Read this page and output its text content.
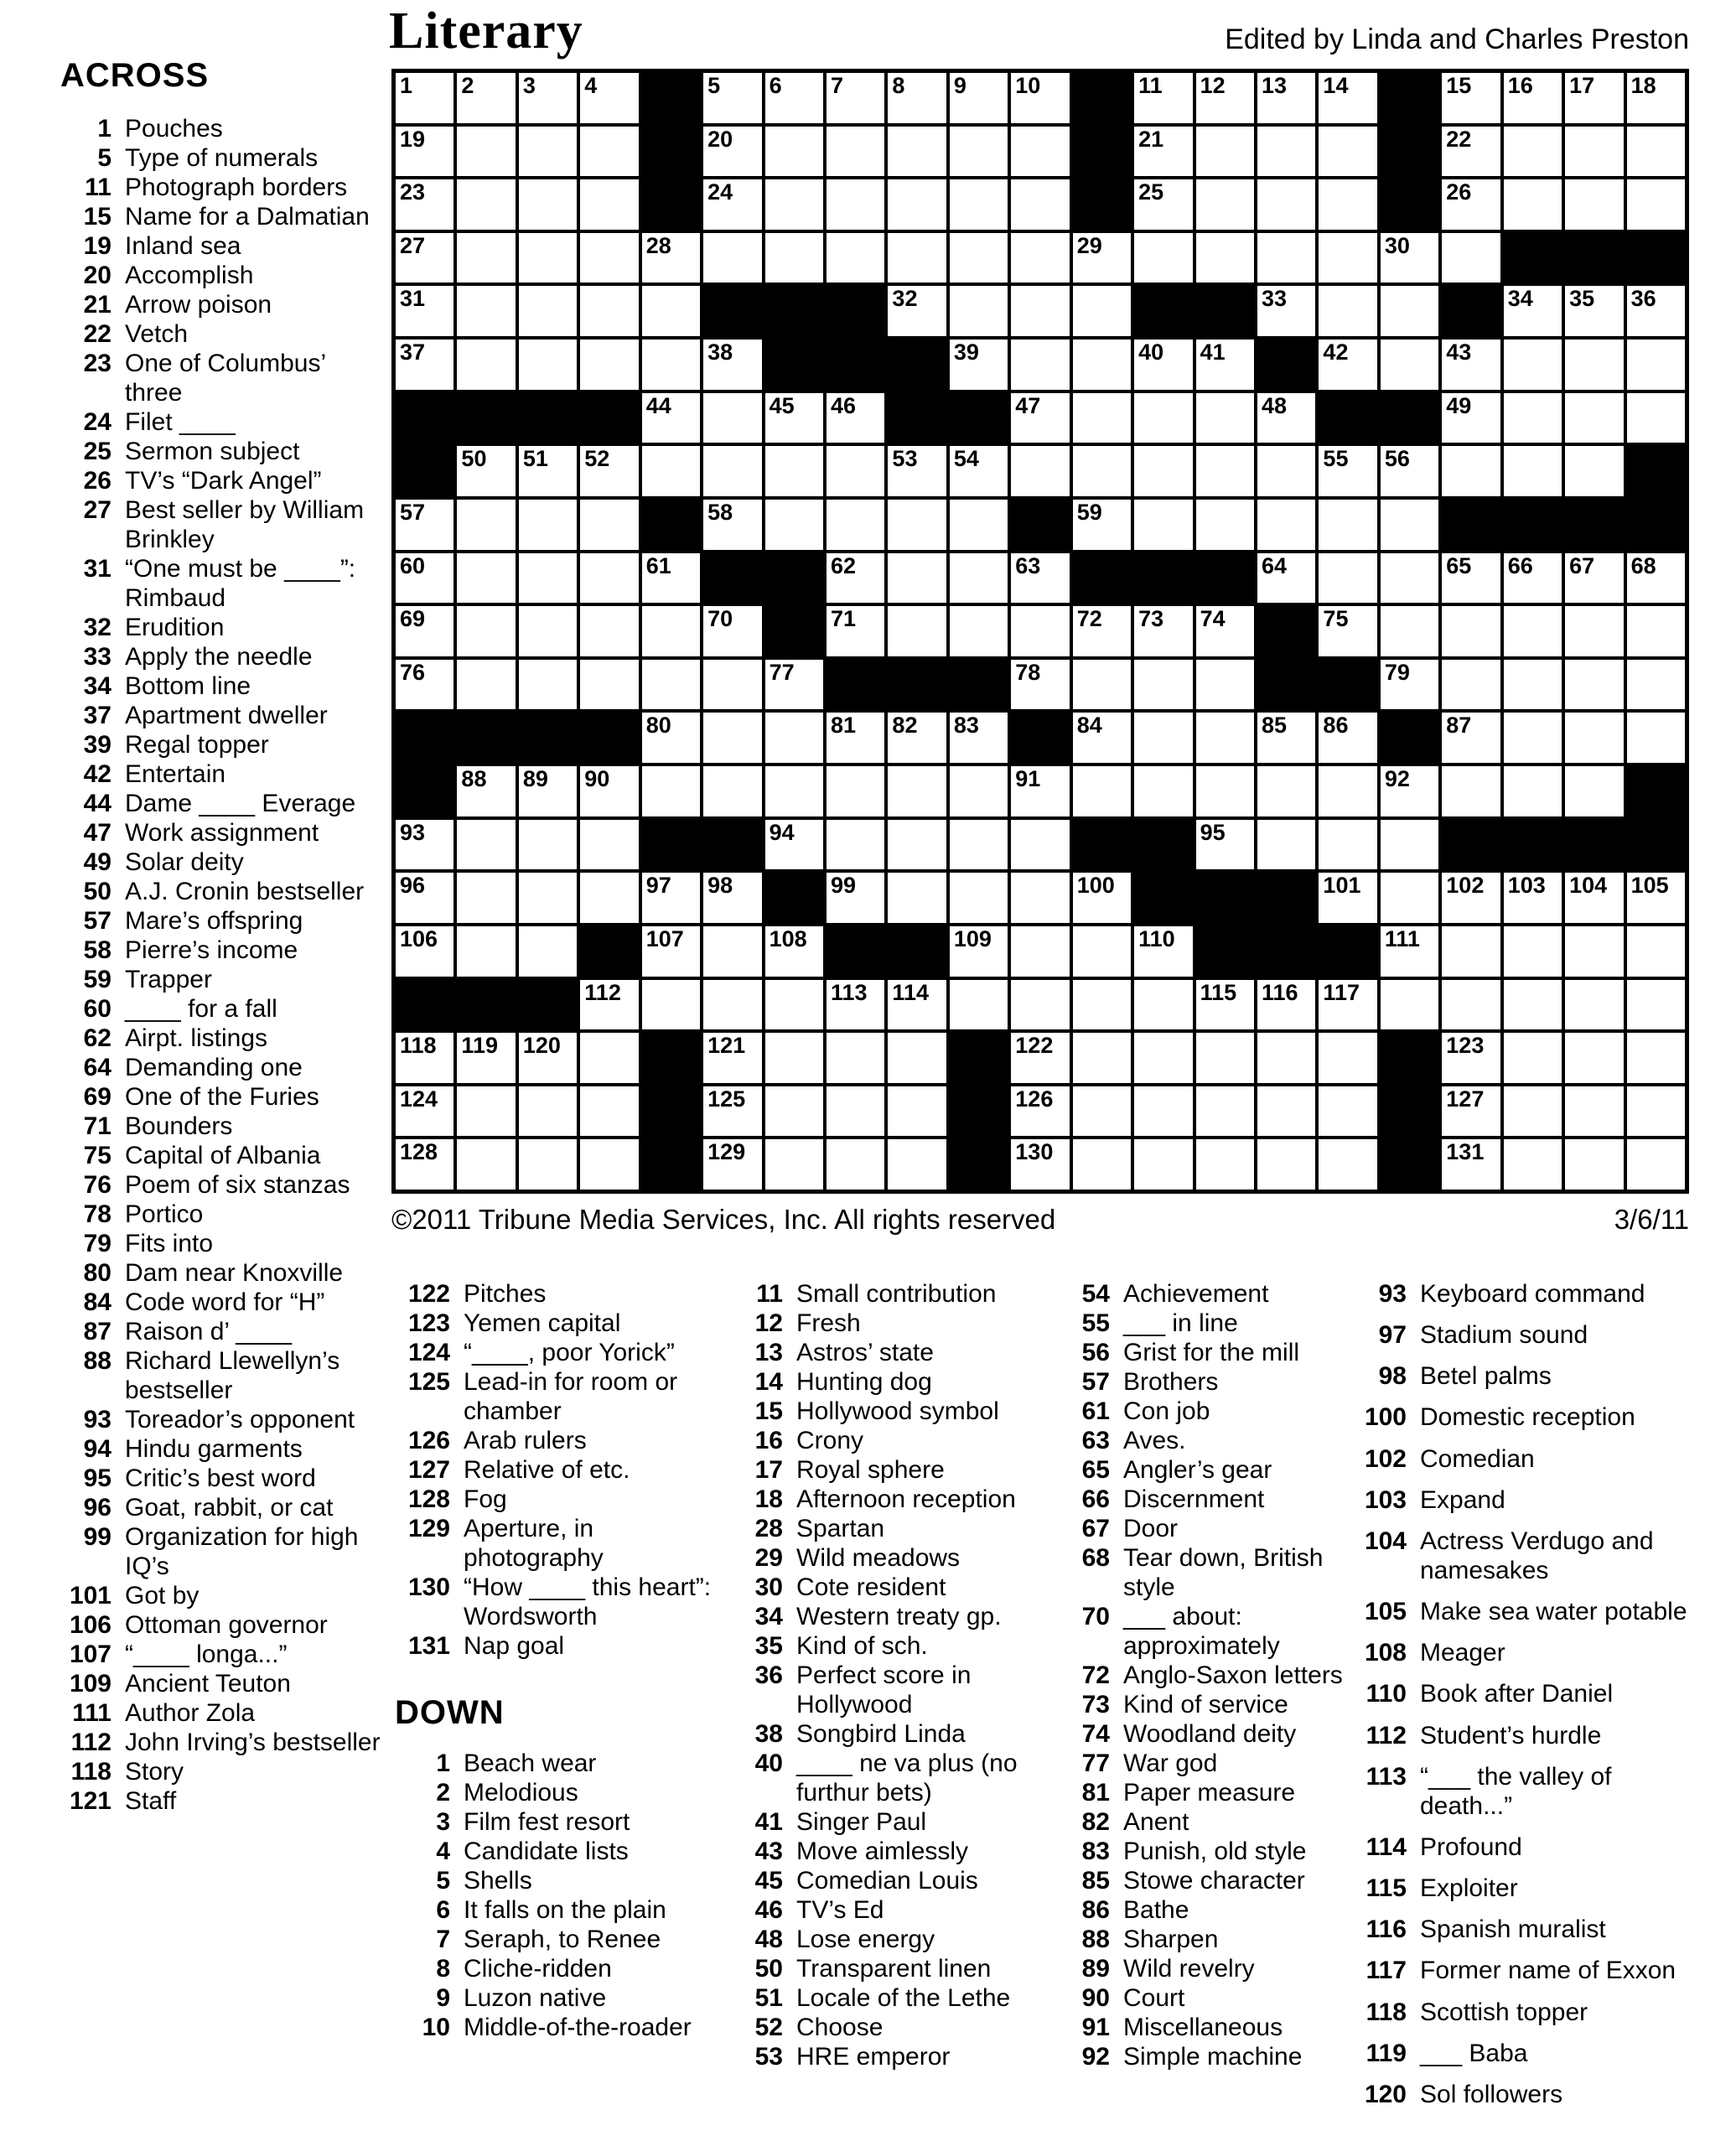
Literary	Edited by Linda and Charles Preston
ACROSS
1 Pouches
5 Type of numerals
11 Photograph borders
15 Name for a Dalmatian
19 Inland sea
20 Accomplish
21 Arrow poison
22 Vetch
23 One of Columbus’ three
24 Filet ____
25 Sermon subject
26 TV’s “Dark Angel”
27 Best seller by William Brinkley
31 “One must be ____”: Rimbaud
32 Erudition
33 Apply the needle
34 Bottom line
37 Apartment dweller
39 Regal topper
42 Entertain
44 Dame ____ Everage
47 Work assignment
49 Solar deity
50 A.J. Cronin bestseller
57 Mare’s offspring
58 Pierre’s income
59 Trapper
60 ____ for a fall
62 Airpt. listings
64 Demanding one
69 One of the Furies
71 Bounders
75 Capital of Albania
76 Poem of six stanzas
78 Portico
79 Fits into
80 Dam near Knoxville
84 Code word for “H”
87 Raison d’ ____
88 Richard Llewellyn’s bestseller
93 Toreador’s opponent
94 Hindu garments
95 Critic’s best word
96 Goat, rabbit, or cat
99 Organization for high IQ’s
101 Got by
106 Ottoman governor
107 “____ longa...”
109 Ancient Teuton
111 Author Zola
112 John Irving’s bestseller
118 Story
121 Staff
1 2 3 4	5 6 7 8 9 10	11 12 13 14	15 16 17 18
19	20	21	22
23	24	25	26
27	28	29	30
31	32	33	34 35 36
37	38	39	40 41	42	43
44	45 46	47	48	49
50 51 52	53 54	55 56
57	58	59
60	61	62	63	64	65 66 67 68
69	70	71	72 73 74	75
76	77	78	79
80	81 82 83	84	85 86	87
88 89 90	91	92
93	94	95
96	97 98	99	100	101	102 103 104 105
106	107	108	109	110	111
112	113 114	115 116 117
118 119 120	121	122	123
124	125	126	127
128	129	130	131
©2011 Tribune Media Services, Inc. All rights reserved	3/6/11
122 Pitches
123 Yemen capital
124 “____, poor Yorick”
125 Lead-in for room or chamber
126 Arab rulers
127 Relative of etc.
128 Fog
129 Aperture, in photography
130 “How ____ this heart”: Wordsworth
131 Nap goal
DOWN
1 Beach wear
2 Melodious
3 Film fest resort
4 Candidate lists
5 Shells
6 It falls on the plain
7 Seraph, to Renee
8 Cliche-ridden
9 Luzon native
10 Middle-of-the-roader
11 Small contribution
12 Fresh
13 Astros’ state
14 Hunting dog
15 Hollywood symbol
16 Crony
17 Royal sphere
18 Afternoon reception
28 Spartan
29 Wild meadows
30 Cote resident
34 Western treaty gp.
35 Kind of sch.
36 Perfect score in Hollywood
38 Songbird Linda
40 ____ ne va plus (no furthur bets)
41 Singer Paul
43 Move aimlessly
45 Comedian Louis
46 TV’s Ed
48 Lose energy
50 Transparent linen
51 Locale of the Lethe
52 Choose
53 HRE emperor
54 Achievement
55 ___ in line
56 Grist for the mill
57 Brothers
61 Con job
63 Aves.
65 Angler’s gear
66 Discernment
67 Door
68 Tear down, British style
70 ___ about: approximately
72 Anglo-Saxon letters
73 Kind of service
74 Woodland deity
77 War god
81 Paper measure
82 Anent
83 Punish, old style
85 Stowe character
86 Bathe
88 Sharpen
89 Wild revelry
90 Court
91 Miscellaneous
92 Simple machine
93 Keyboard command
97 Stadium sound
98 Betel palms
100 Domestic reception
102 Comedian
103 Expand
104 Actress Verdugo and namesakes
105 Make sea water potable
108 Meager
110 Book after Daniel
112 Student’s hurdle
113 “___ the valley of death...”
114 Profound
115 Exploiter
116 Spanish muralist
117 Former name of Exxon
118 Scottish topper
119 ___ Baba
120 Sol followers
